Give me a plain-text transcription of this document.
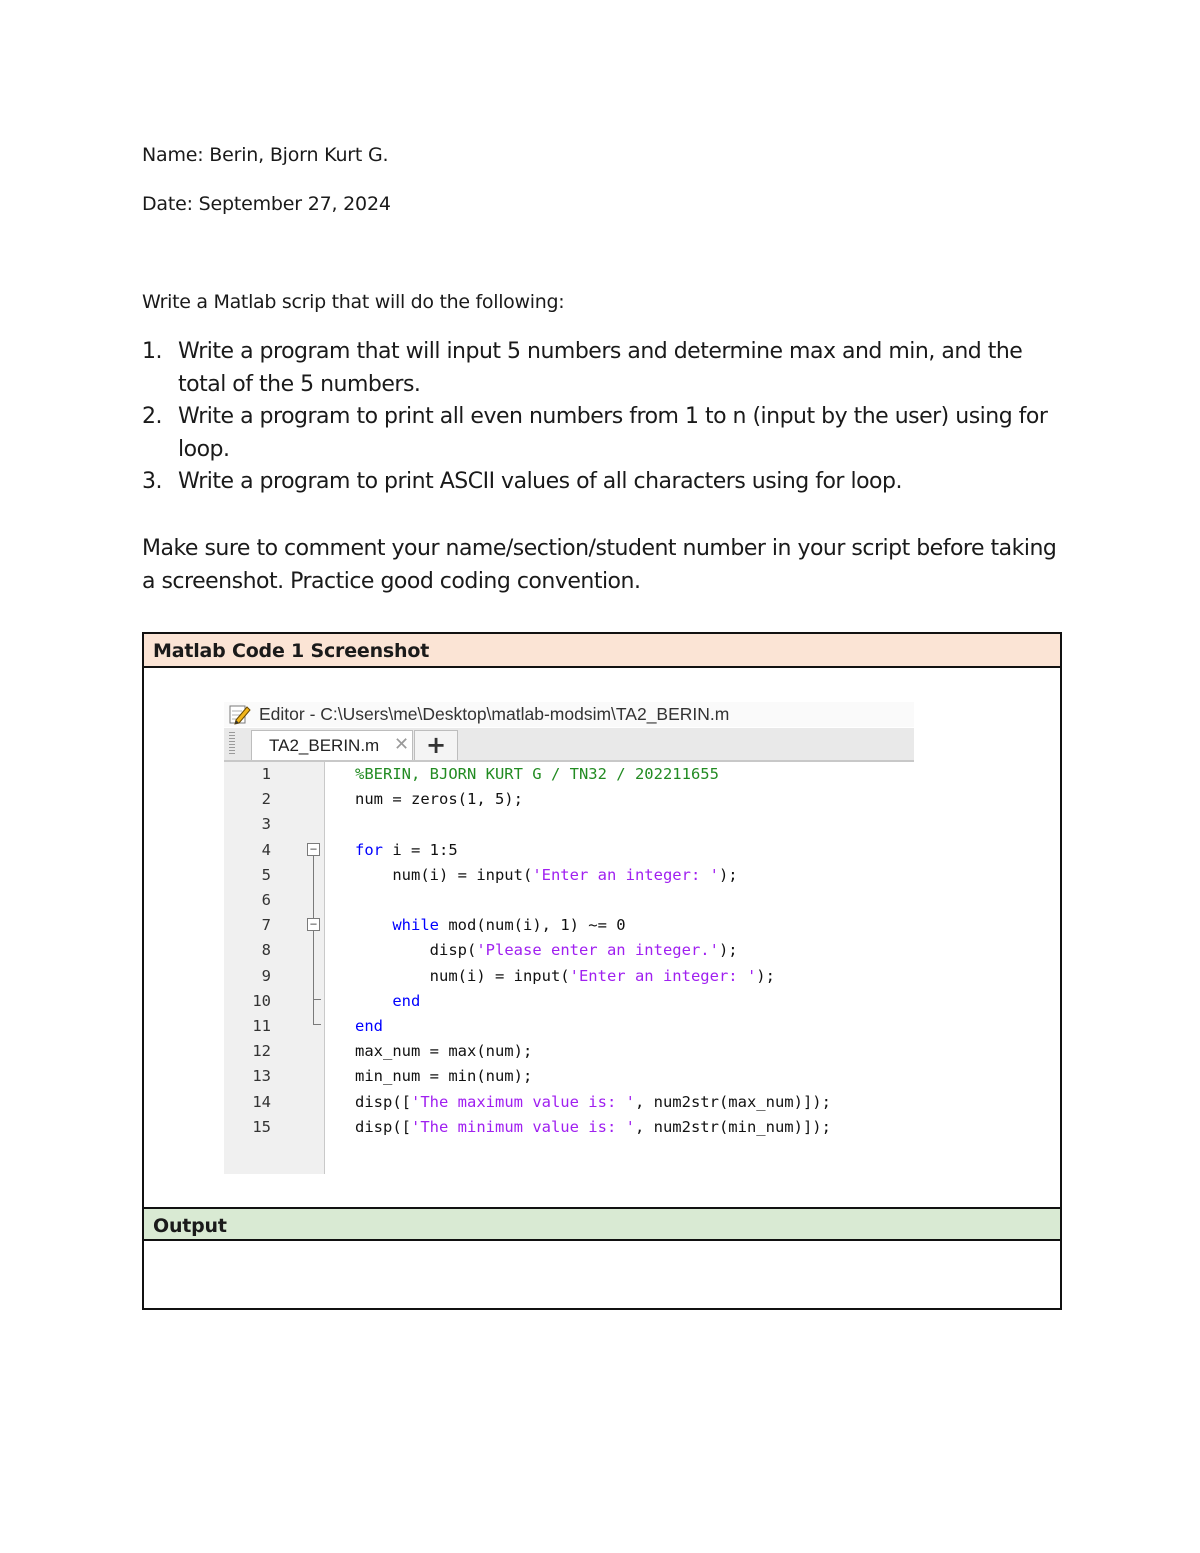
Name: Berin, Bjorn Kurt G.

Date: September 27, 2024

Write a Matlab scrip that will do the following:

1. Write a program that will input 5 numbers and determine max and min, and the total of the 5 numbers.
2. Write a program to print all even numbers from 1 to n (input by the user) using for loop.
3. Write a program to print ASCII values of all characters using for loop.

Make sure to comment your name/section/student number in your script before taking a screenshot. Practice good coding convention.

Matlab Code 1 Screenshot
Editor - C:\Users\me\Desktop\matlab-modsim\TA2_BERIN.m
TA2_BERIN.m ✕ +
−
−
1	%BERIN, BJORN KURT G / TN32 / 202211655
2	num = zeros(1, 5);
3
4	for i = 1:5
5	num(i) = input('Enter an integer: ');
6
7	while mod(num(i), 1) ~= 0
8	disp('Please enter an integer.');
9	num(i) = input('Enter an integer: ');
10	end
11	end
12	max_num = max(num);
13	min_num = min(num);
14	disp(['The maximum value is: ', num2str(max_num)]);
15	disp(['The minimum value is: ', num2str(min_num)]);
Output
